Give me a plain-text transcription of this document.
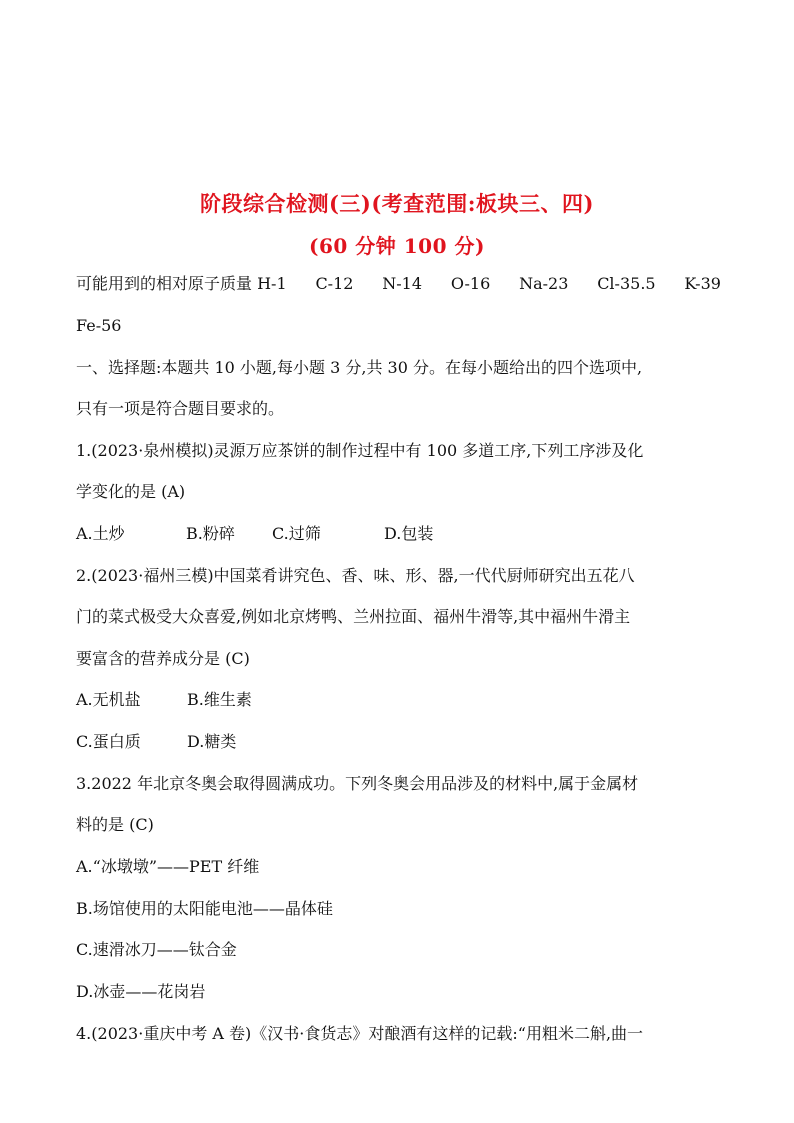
阶段综合检测(三)(考查范围:板块三、四)
(60 分钟 100 分)
可能用到的相对原子质量 H-1 C-12 N-14 O-16 Na-23 Cl-35.5 K-39
Fe-56
一、选择题:本题共 10 小题,每小题 3 分,共 30 分。在每小题给出的四个选项中,
只有一项是符合题目要求的。
1.(2023·泉州模拟)灵源万应茶饼的制作过程中有 100 多道工序,下列工序涉及化
学变化的是 (A)
A.土炒	B.粉碎 C.过筛	D.包装
2.(2023·福州三模)中国菜肴讲究色、香、味、形、器,一代代厨师研究出五花八
门的菜式极受大众喜爱,例如北京烤鸭、兰州拉面、福州牛滑等,其中福州牛滑主
要富含的营养成分是 (C)
A.无机盐	B.维生素
C.蛋白质	D.糖类
3.2022 年北京冬奥会取得圆满成功。下列冬奥会用品涉及的材料中,属于金属材
料的是 (C)
A.“冰墩墩”——PET 纤维
B.场馆使用的太阳能电池——晶体硅
C.速滑冰刀——钛合金
D.冰壶——花岗岩
4.(2023·重庆中考 A 卷)《汉书·食货志》对酿酒有这样的记载:“用粗米二斛,曲一
